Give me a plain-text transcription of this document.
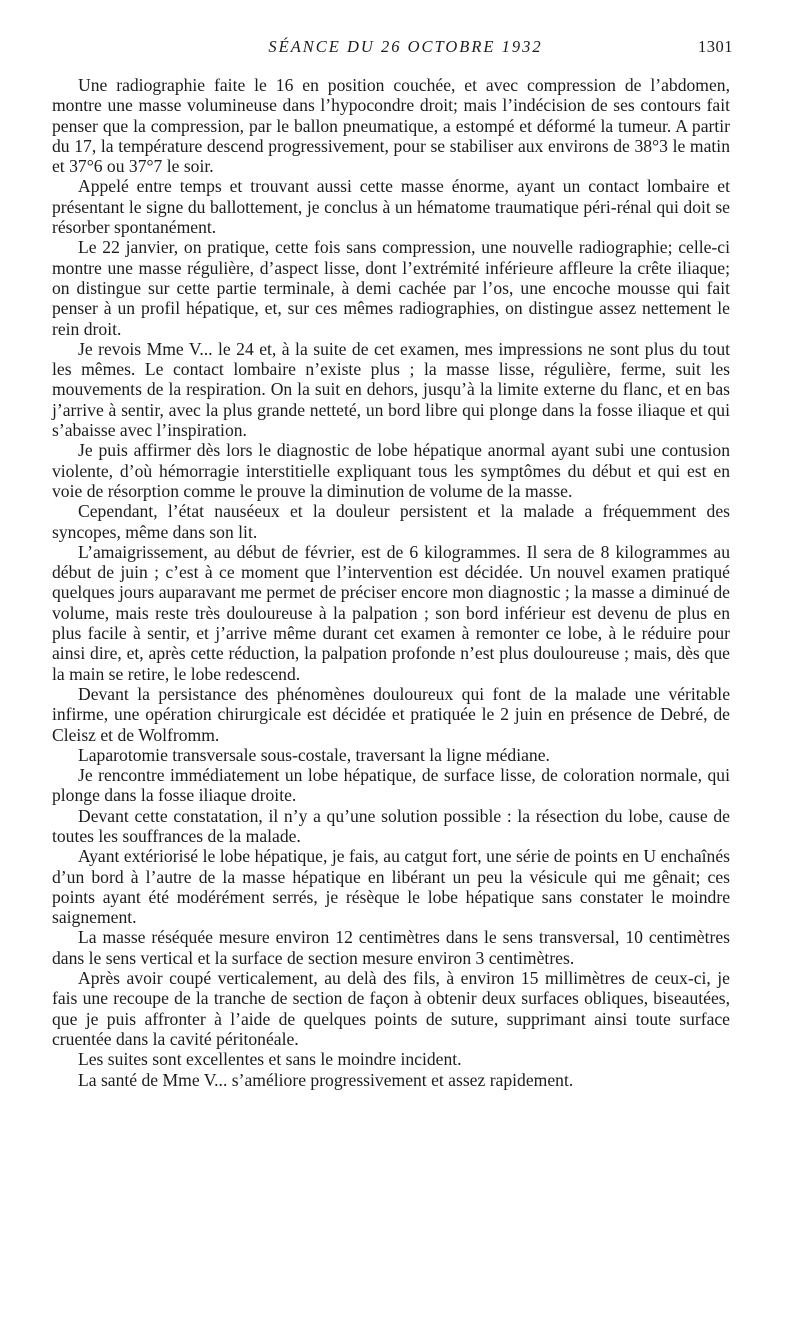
SÉANCE DU 26 OCTOBRE 1932	1301

Une radiographie faite le 16 en position couchée, et avec compression de l’abdomen, montre une masse volumineuse dans l’hypocondre droit; mais l’indécision de ses contours fait penser que la compression, par le ballon pneumatique, a estompé et déformé la tumeur. A partir du 17, la température descend progressivement, pour se stabiliser aux environs de 38°3 le matin et 37°6 ou 37°7 le soir.

Appelé entre temps et trouvant aussi cette masse énorme, ayant un contact lombaire et présentant le signe du ballottement, je conclus à un hématome traumatique péri-rénal qui doit se résorber spontanément.

Le 22 janvier, on pratique, cette fois sans compression, une nouvelle radiographie; celle-ci montre une masse régulière, d’aspect lisse, dont l’extrémité inférieure affleure la crête iliaque; on distingue sur cette partie terminale, à demi cachée par l’os, une encoche mousse qui fait penser à un profil hépatique, et, sur ces mêmes radiographies, on distingue assez nettement le rein droit.

Je revois Mme V... le 24 et, à la suite de cet examen, mes impressions ne sont plus du tout les mêmes. Le contact lombaire n’existe plus ; la masse lisse, régulière, ferme, suit les mouvements de la respiration. On la suit en dehors, jusqu’à la limite externe du flanc, et en bas j’arrive à sentir, avec la plus grande netteté, un bord libre qui plonge dans la fosse iliaque et qui s’abaisse avec l’inspiration.

Je puis affirmer dès lors le diagnostic de lobe hépatique anormal ayant subi une contusion violente, d’où hémorragie interstitielle expliquant tous les symptômes du début et qui est en voie de résorption comme le prouve la diminution de volume de la masse.

Cependant, l’état nauséeux et la douleur persistent et la malade a fréquemment des syncopes, même dans son lit.

L’amaigrissement, au début de février, est de 6 kilogrammes. Il sera de 8 kilogrammes au début de juin ; c’est à ce moment que l’intervention est décidée. Un nouvel examen pratiqué quelques jours auparavant me permet de préciser encore mon diagnostic ; la masse a diminué de volume, mais reste très douloureuse à la palpation ; son bord inférieur est devenu de plus en plus facile à sentir, et j’arrive même durant cet examen à remonter ce lobe, à le réduire pour ainsi dire, et, après cette réduction, la palpation profonde n’est plus douloureuse ; mais, dès que la main se retire, le lobe redescend.

Devant la persistance des phénomènes douloureux qui font de la malade une véritable infirme, une opération chirurgicale est décidée et pratiquée le 2 juin en présence de Debré, de Cleisz et de Wolfromm.

Laparotomie transversale sous-costale, traversant la ligne médiane.

Je rencontre immédiatement un lobe hépatique, de surface lisse, de coloration normale, qui plonge dans la fosse iliaque droite.

Devant cette constatation, il n’y a qu’une solution possible : la résection du lobe, cause de toutes les souffrances de la malade.

Ayant extériorisé le lobe hépatique, je fais, au catgut fort, une série de points en U enchaînés d’un bord à l’autre de la masse hépatique en libérant un peu la vésicule qui me gênait; ces points ayant été modérément serrés, je résèque le lobe hépatique sans constater le moindre saignement.

La masse réséquée mesure environ 12 centimètres dans le sens transversal, 10 centimètres dans le sens vertical et la surface de section mesure environ 3 centimètres.

Après avoir coupé verticalement, au delà des fils, à environ 15 millimètres de ceux-ci, je fais une recoupe de la tranche de section de façon à obtenir deux surfaces obliques, biseautées, que je puis affronter à l’aide de quelques points de suture, supprimant ainsi toute surface cruentée dans la cavité péritonéale.

Les suites sont excellentes et sans le moindre incident.

La santé de Mme V... s’améliore progressivement et assez rapidement.
